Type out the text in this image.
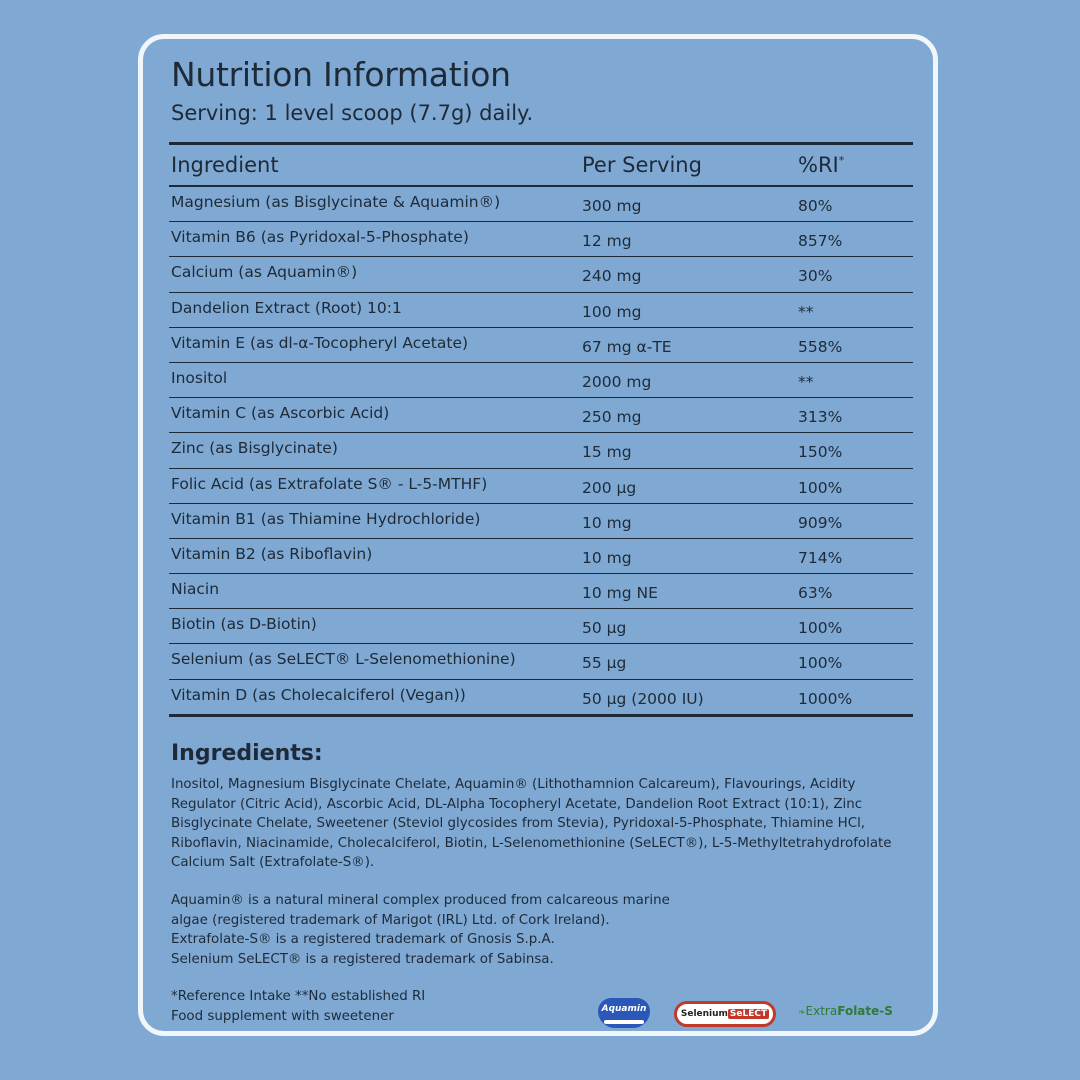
Nutrition Information
Serving: 1 level scoop (7.7g) daily.
Ingredient	Per Serving	%RI*
Magnesium (as Bisglycinate & Aquamin®)	300 mg	80%
Vitamin B6 (as Pyridoxal-5-Phosphate)	12 mg	857%
Calcium (as Aquamin®)	240 mg	30%
Dandelion Extract (Root) 10:1	100 mg	**
Vitamin E (as dl-α-Tocopheryl Acetate)	67 mg α-TE	558%
Inositol	2000 mg	**
Vitamin C (as Ascorbic Acid)	250 mg	313%
Zinc (as Bisglycinate)	15 mg	150%
Folic Acid (as Extrafolate S® - L-5-MTHF)	200 µg	100%
Vitamin B1 (as Thiamine Hydrochloride)	10 mg	909%
Vitamin B2 (as Riboflavin)	10 mg	714%
Niacin	10 mg NE	63%
Biotin (as D-Biotin)	50 µg	100%
Selenium (as SeLECT® L-Selenomethionine)	55 µg	100%
Vitamin D (as Cholecalciferol (Vegan))	50 µg (2000 IU)	1000%
Ingredients:
Inositol, Magnesium Bisglycinate Chelate, Aquamin® (Lithothamnion Calcareum), Flavourings, Acidity Regulator (Citric Acid), Ascorbic Acid, DL-Alpha Tocopheryl Acetate, Dandelion Root Extract (10:1), Zinc Bisglycinate Chelate, Sweetener (Steviol glycosides from Stevia), Pyridoxal-5-Phosphate, Thiamine HCl, Riboflavin, Niacinamide, Cholecalciferol, Biotin, L-Selenomethionine (SeLECT®), L-5-Methyltetrahydrofolate Calcium Salt (Extrafolate-S®).
Aquamin® is a natural mineral complex produced from calcareous marine
algae (registered trademark of Marigot (IRL) Ltd. of Cork Ireland).
Extrafolate-S® is a registered trademark of Gnosis S.p.A.
Selenium SeLECT® is a registered trademark of Sabinsa.
*Reference Intake **No established RI
Food supplement with sweetener	Aquamin	Selenium SeLECT	❧ExtraFolate-S
